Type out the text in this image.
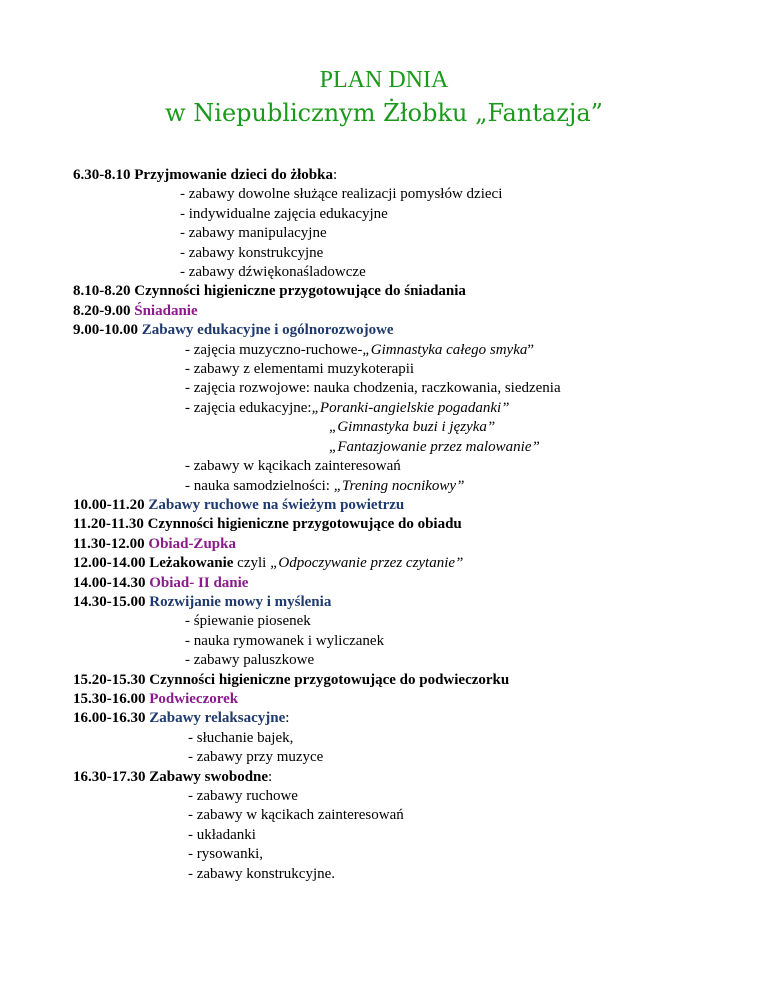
PLAN DNIA
w Niepublicznym Żłobku „Fantazja”
6.30-8.10 Przyjmowanie dzieci do żłobka:
- zabawy dowolne służące realizacji pomysłów dzieci
- indywidualne zajęcia edukacyjne
- zabawy manipulacyjne
- zabawy konstrukcyjne
- zabawy dźwiękonaśladowcze
8.10-8.20 Czynności higieniczne przygotowujące do śniadania
8.20-9.00 Śniadanie
9.00-10.00 Zabawy edukacyjne i ogólnorozwojowe
- zajęcia muzyczno-ruchowe-„Gimnastyka całego smyka”
- zabawy z elementami muzykoterapii
- zajęcia rozwojowe: nauka chodzenia, raczkowania, siedzenia
- zajęcia edukacyjne:„Poranki-angielskie pogadanki”
„Gimnastyka buzi i języka”
„Fantazjowanie przez malowanie”
- zabawy w kącikach zainteresowań
- nauka samodzielności: „Trening nocnikowy”
10.00-11.20 Zabawy ruchowe na świeżym powietrzu
11.20-11.30 Czynności higieniczne przygotowujące do obiadu
11.30-12.00 Obiad-Zupka
12.00-14.00 Leżakowanie czyli „Odpoczywanie przez czytanie”
14.00-14.30 Obiad- II danie
14.30-15.00 Rozwijanie mowy i myślenia
- śpiewanie piosenek
- nauka rymowanek i wyliczanek
- zabawy paluszkowe
15.20-15.30 Czynności higieniczne przygotowujące do podwieczorku
15.30-16.00 Podwieczorek
16.00-16.30 Zabawy relaksacyjne:
- słuchanie bajek,
- zabawy przy muzyce
16.30-17.30 Zabawy swobodne:
- zabawy ruchowe
- zabawy w kącikach zainteresowań
- układanki
- rysowanki,
- zabawy konstrukcyjne.
